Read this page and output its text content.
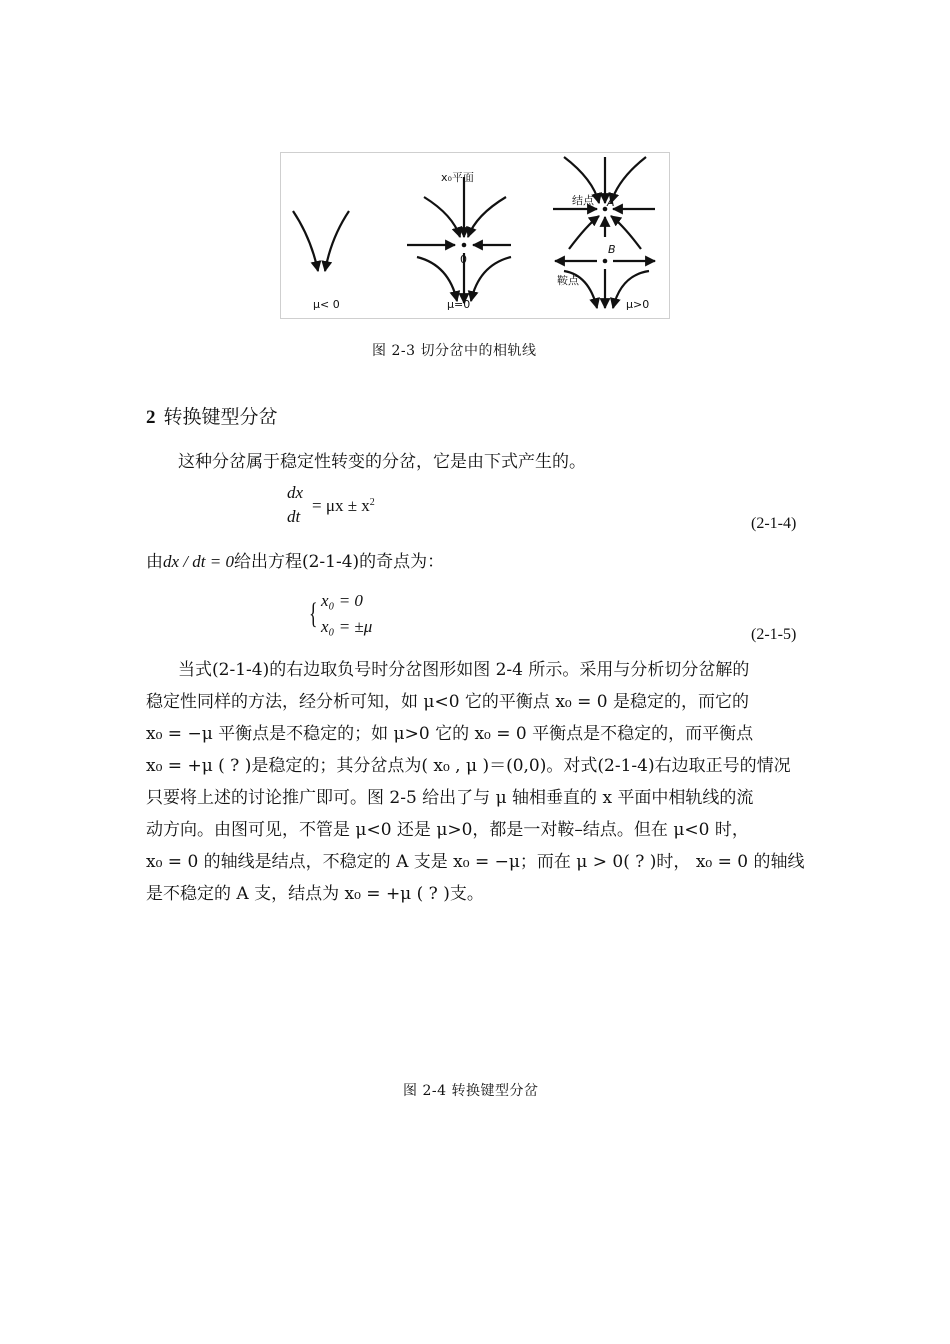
x₀平面
0
结点 A
B
鞍点
μ< 0	μ=0	μ>0
图 2-3 切分岔中的相轨线
2 转换键型分岔
这种分岔属于稳定性转变的分岔，它是由下式产生的。
dx
dt
= $\mu x \pm x^2$
(2-1-4)
由dx / dt = 0给出方程(2-1-4)的奇点为：
{ x₀ = 0
x₀ = ±μ	(2-1-5)
当式(2-1-4)的右边取负号时分岔图形如图 2-4 所示。采用与分析切分岔解的
稳定性同样的方法，经分析可知，如 μ<0 它的平衡点 x₀ = 0 是稳定的，而它的
x₀ = −μ 平衡点是不稳定的；如 μ>0 它的 x₀ = 0 平衡点是不稳定的，而平衡点
x₀ = +μ ( ? )是稳定的；其分岔点为( x₀ , μ )＝(0,0)。对式(2-1-4)右边取正号的情况
只要将上述的讨论推广即可。图 2-5 给出了与 μ 轴相垂直的 x 平面中相轨线的流
动方向。由图可见，不管是 μ<0 还是 μ>0，都是一对鞍–结点。但在 μ<0 时，
x₀ = 0 的轴线是结点，不稳定的 A 支是 x₀ = −μ；而在 μ > 0( ? )时， x₀ = 0 的轴线
是不稳定的 A 支，结点为 x₀ = +μ ( ? )支。
图 2-4 转换键型分岔
